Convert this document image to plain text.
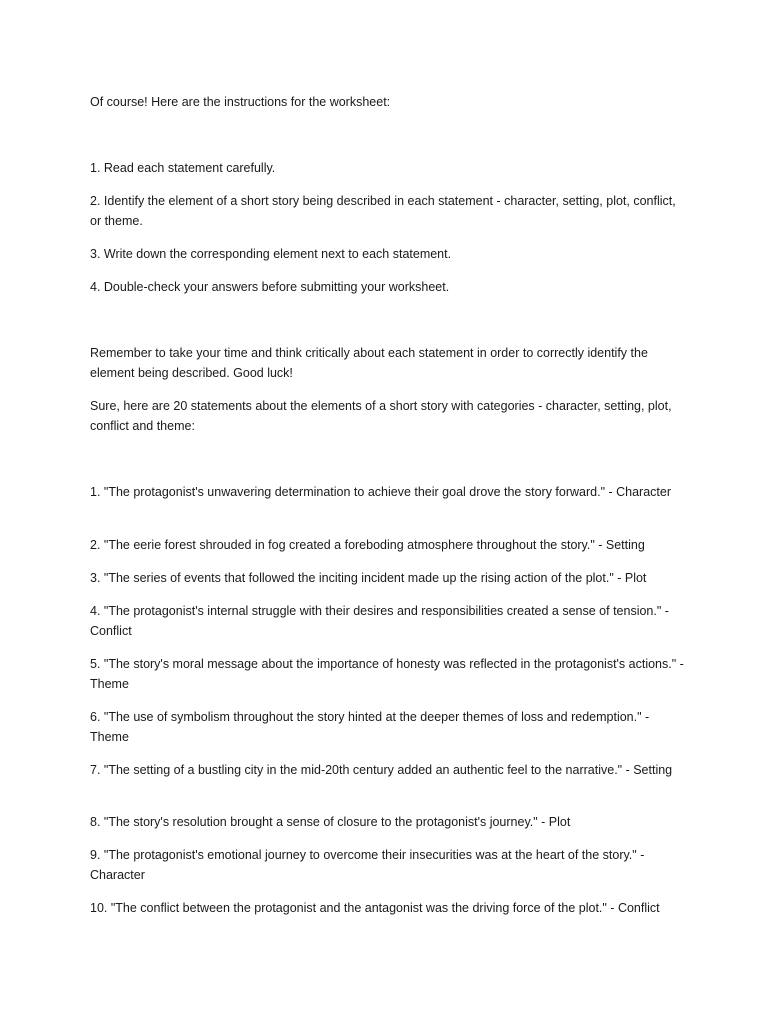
Of course! Here are the instructions for the worksheet:

1. Read each statement carefully.

2. Identify the element of a short story being described in each statement - character, setting, plot, conflict, or theme.

3. Write down the corresponding element next to each statement.

4. Double-check your answers before submitting your worksheet.

Remember to take your time and think critically about each statement in order to correctly identify the element being described. Good luck!

Sure, here are 20 statements about the elements of a short story with categories - character, setting, plot, conflict and theme:

1. "The protagonist's unwavering determination to achieve their goal drove the story forward." - Character

2. "The eerie forest shrouded in fog created a foreboding atmosphere throughout the story." - Setting

3. "The series of events that followed the inciting incident made up the rising action of the plot." - Plot

4. "The protagonist's internal struggle with their desires and responsibilities created a sense of tension." - Conflict

5. "The story's moral message about the importance of honesty was reflected in the protagonist's actions." - Theme

6. "The use of symbolism throughout the story hinted at the deeper themes of loss and redemption." - Theme

7. "The setting of a bustling city in the mid-20th century added an authentic feel to the narrative." - Setting

8. "The story's resolution brought a sense of closure to the protagonist's journey." - Plot

9. "The protagonist's emotional journey to overcome their insecurities was at the heart of the story." - Character

10. "The conflict between the protagonist and the antagonist was the driving force of the plot." - Conflict
